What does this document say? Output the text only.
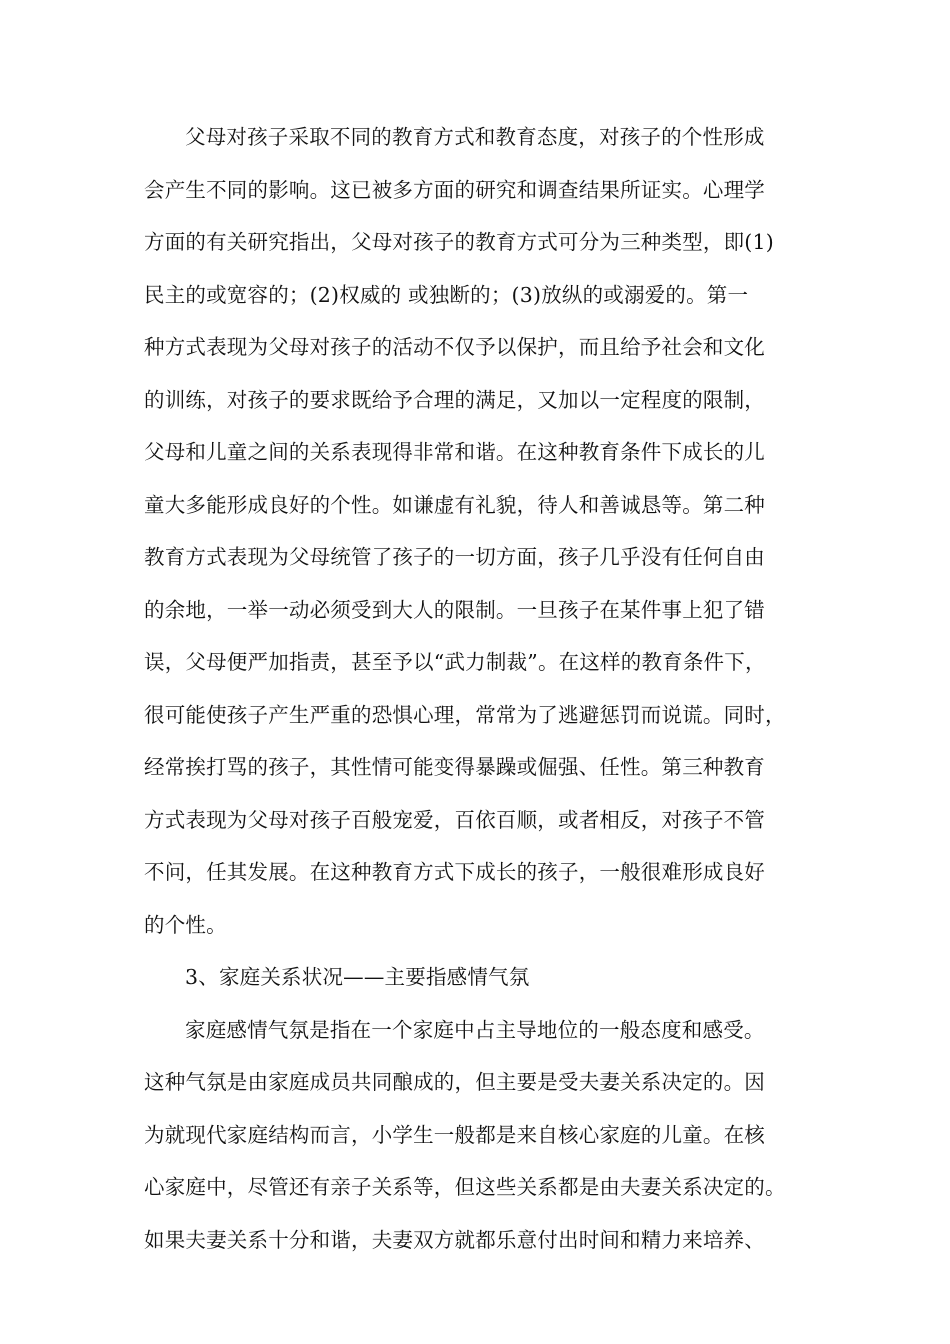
父母对孩子采取不同的教育方式和教育态度，对孩子的个性形成
会产生不同的影响。这已被多方面的研究和调查结果所证实。心理学
方面的有关研究指出，父母对孩子的教育方式可分为三种类型，即(1)
民主的或宽容的；(2)权威的 或独断的；(3)放纵的或溺爱的。第一
种方式表现为父母对孩子的活动不仅予以保护，而且给予社会和文化
的训练，对孩子的要求既给予合理的满足，又加以一定程度的限制，
父母和儿童之间的关系表现得非常和谐。在这种教育条件下成长的儿
童大多能形成良好的个性。如谦虚有礼貌，待人和善诚恳等。第二种
教育方式表现为父母统管了孩子的一切方面，孩子几乎没有任何自由
的余地，一举一动必须受到大人的限制。一旦孩子在某件事上犯了错
误，父母便严加指责，甚至予以“武力制裁”。在这样的教育条件下，
很可能使孩子产生严重的恐惧心理，常常为了逃避惩罚而说谎。同时，
经常挨打骂的孩子，其性情可能变得暴躁或倔强、任性。第三种教育
方式表现为父母对孩子百般宠爱，百依百顺，或者相反，对孩子不管
不问，任其发展。在这种教育方式下成长的孩子，一般很难形成良好
的个性。
3、家庭关系状况——主要指感情气氛
家庭感情气氛是指在一个家庭中占主导地位的一般态度和感受。
这种气氛是由家庭成员共同酿成的，但主要是受夫妻关系决定的。因
为就现代家庭结构而言，小学生一般都是来自核心家庭的儿童。在核
心家庭中，尽管还有亲子关系等，但这些关系都是由夫妻关系决定的。
如果夫妻关系十分和谐，夫妻双方就都乐意付出时间和精力来培养、
